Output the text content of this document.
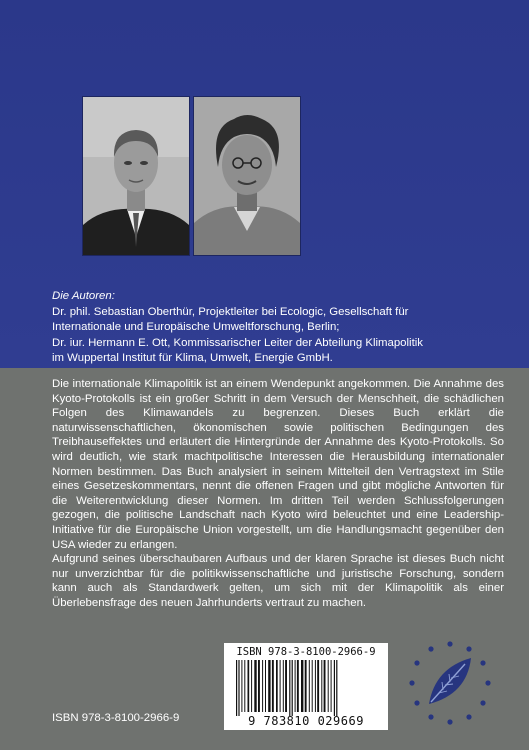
Die Autoren:
Dr. phil. Sebastian Oberthür, Projektleiter bei Ecologic, Gesellschaft für
Internationale und Europäische Umweltforschung, Berlin;
Dr. iur. Hermann E. Ott, Kommissarischer Leiter der Abteilung Klimapolitik
im Wuppertal Institut für Klima, Umwelt, Energie GmbH.

Die internationale Klimapolitik ist an einem Wendepunkt angekommen. Die Annahme des Kyoto-Protokolls ist ein großer Schritt in dem Versuch der Menschheit, die schädlichen Folgen des Klimawandels zu begrenzen. Dieses Buch erklärt die naturwissenschaftlichen, ökonomischen sowie politischen Bedingungen des Treibhauseffektes und erläutert die Hintergründe der Annahme des Kyoto-Protokolls. So wird deutlich, wie stark machtpolitische Interessen die Herausbildung internationaler Normen bestimmen. Das Buch analysiert in seinem Mittelteil den Vertragstext im Stile eines Gesetzeskommentars, nennt die offenen Fragen und gibt mögliche Antworten für die Weiterentwicklung dieser Normen. Im dritten Teil werden Schlussfolgerungen gezogen, die politische Landschaft nach Kyoto wird beleuchtet und eine Leadership-Initiative für die Europäische Union vorgestellt, um die Handlungsmacht gegenüber den USA wieder zu erlangen.

Aufgrund seines überschaubaren Aufbaus und der klaren Sprache ist dieses Buch nicht nur unverzichtbar für die politikwissenschaftliche und juristische Forschung, sondern kann auch als Standardwerk gelten, um sich mit der Klimapolitik als einer Überlebensfrage des neuen Jahrhunderts vertraut zu machen.

ISBN 978-3-8100-2966-9
9 783810 029669
ISBN 978-3-8100-2966-9
